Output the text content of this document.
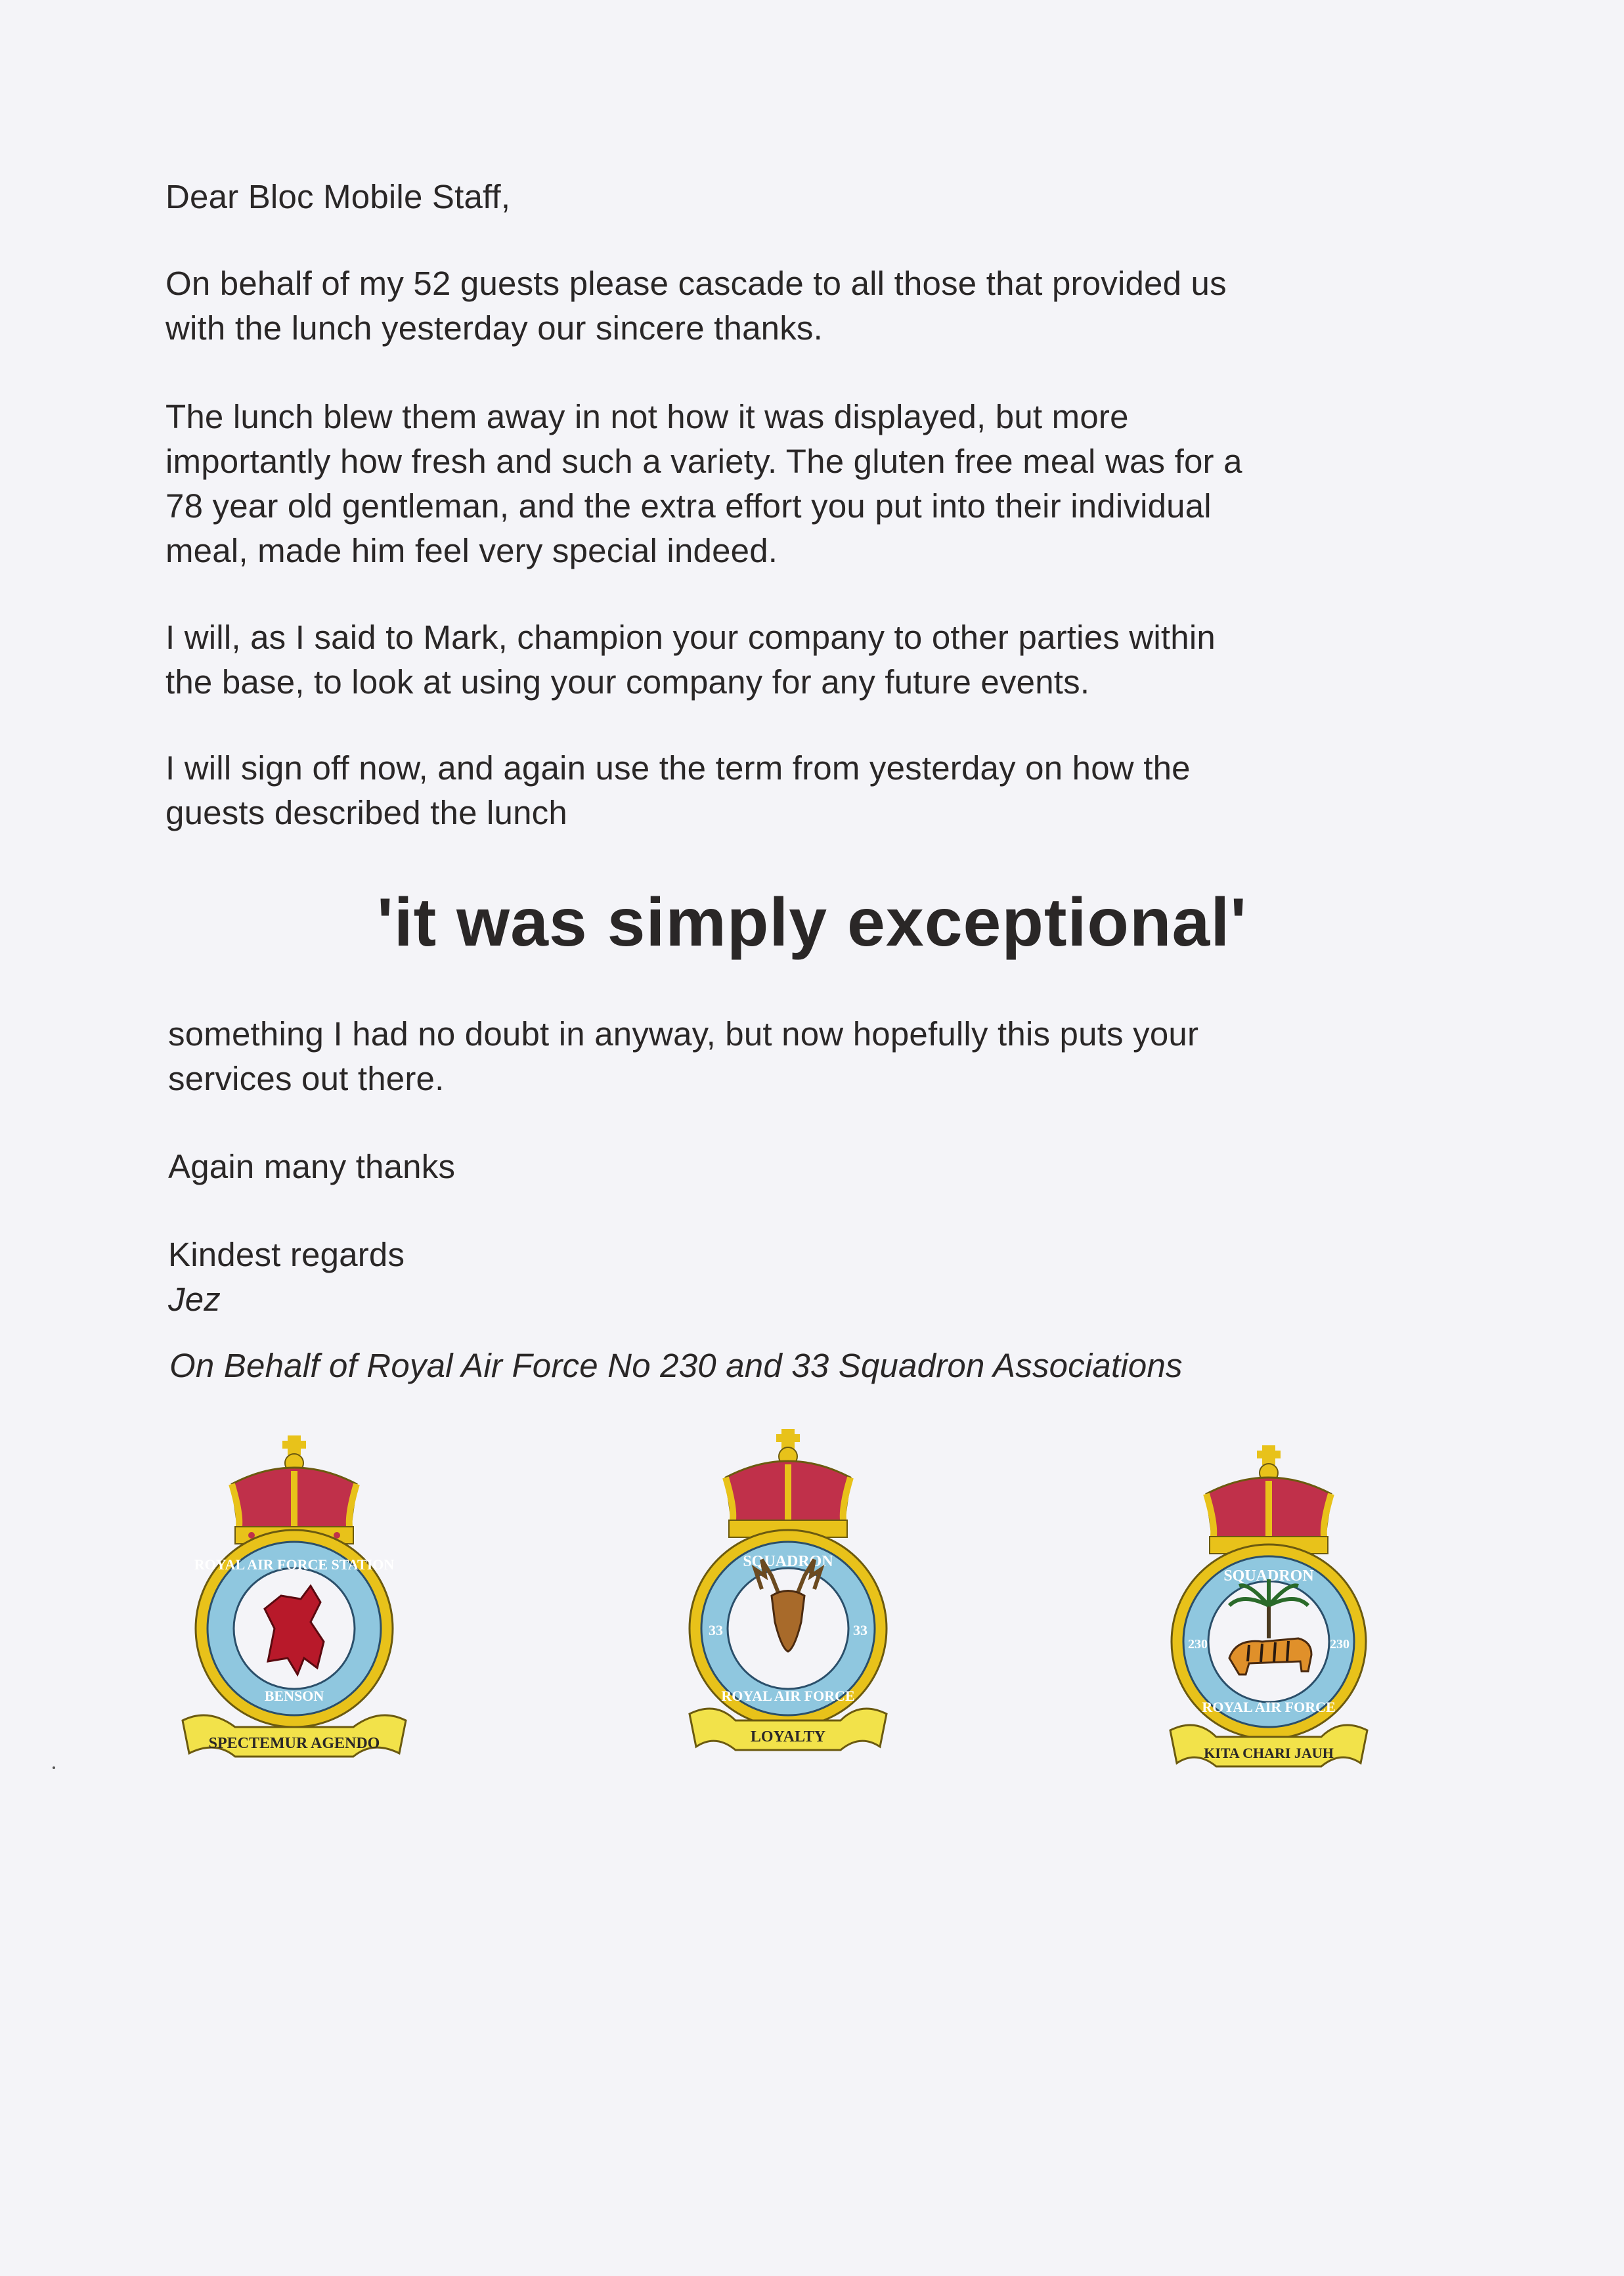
Dear Bloc Mobile Staff,

On behalf of my 52 guests please cascade to all those that provided us
with the lunch yesterday our sincere thanks.

The lunch blew them away in not how it was displayed, but more
importantly how fresh and such a variety. The gluten free meal was for a
78 year old gentleman, and the extra effort you put into their individual
meal, made him feel very special indeed.

I will, as I said to Mark, champion your company to other parties within
the base, to look at using your company for any future events.

I will sign off now, and again use the term from yesterday on how the
guests described the lunch

'it was simply exceptional'

something I had no doubt in anyway, but now hopefully this puts your
services out there.

Again many thanks

Kindest regards

Jez

On Behalf of Royal Air Force No 230 and 33 Squadron Associations

ROYAL AIR FORCE STATION
BENSON
SPECTEMUR AGENDO
SQUADRON
ROYAL AIR FORCE
33	33
LOYALTY
SQUADRON
ROYAL AIR FORCE
230	230
KITA CHARI JAUH
